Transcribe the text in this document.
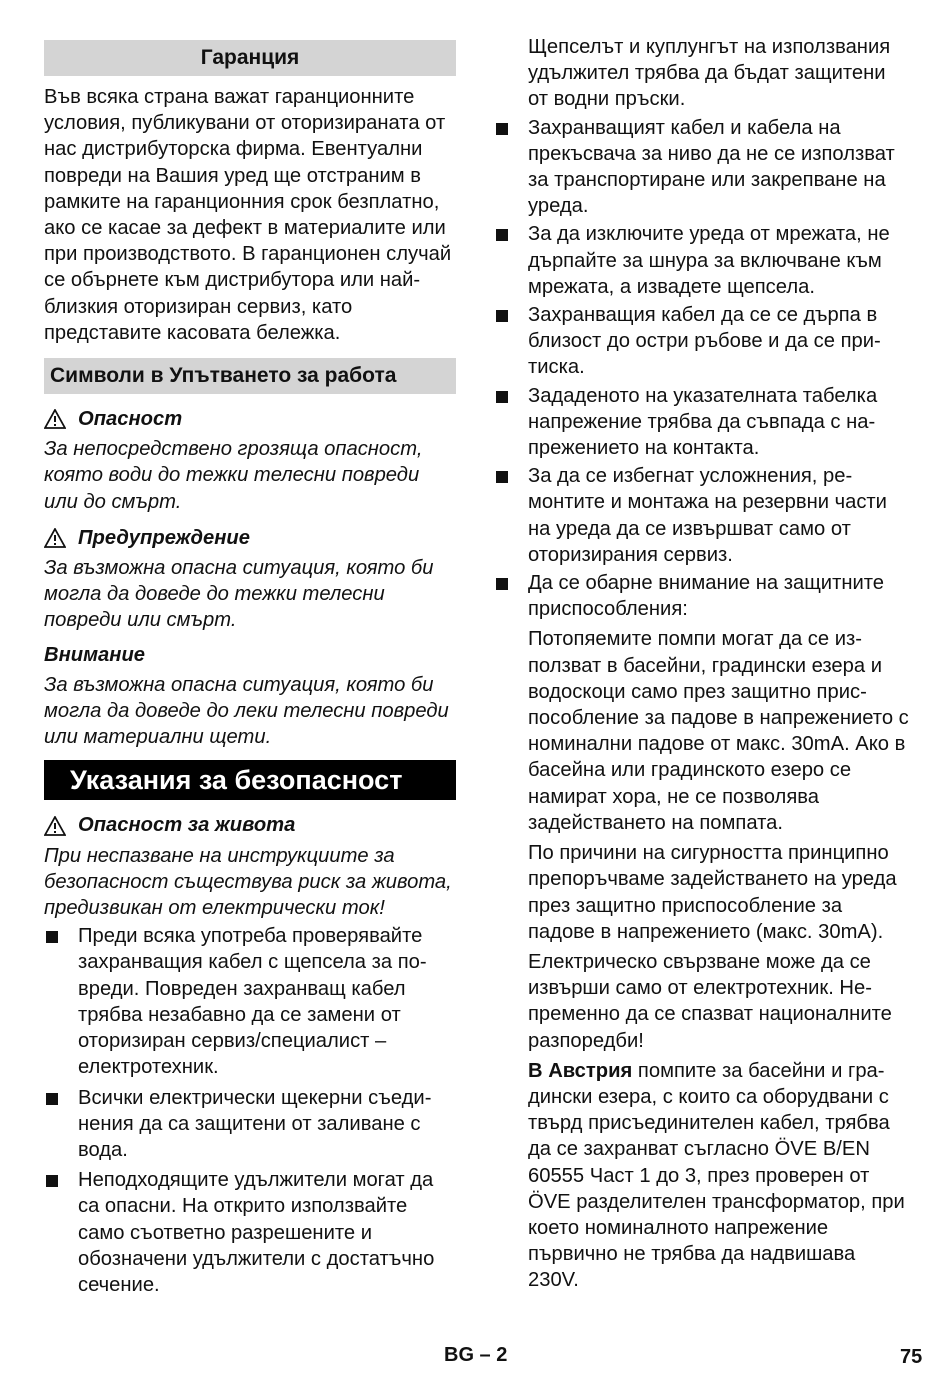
Гаранция

Във всяка страна важат гаранционните условия, публикувани от оторизираната от нас дистрибуторска фирма. Евентуални повреди на Вашия уред ще отстраним в рамките на гаранционния срок безплатно, ако се касае за дефект в материалите или при производството. В гаранционен случай се обърнете към дистрибутора или най-близкия оторизиран сервиз, като представите касовата бележка.

Символи в Упътването за работа
Опасност

За непосредствено грозяща опасност, която води до тежки телесни повреди или до смърт.

Предупреждение

За възможна опасна ситуация, която би могла да доведе до тежки телесни повреди или смърт.

Внимание

За възможна опасна ситуация, която би могла да доведе до леки телесни повреди или материални щети.

Указания за безопасност
Опасност за живота

При неспазване на инструкциите за безопасност съществува риск за живота, предизвикан от електрически ток!

Преди всяка употреба проверявайте захранващия кабел с щепсела за повреди. Повреден захранващ кабел трябва незабавно да се замени от оторизиран сервиз/специалист – електротехник.
Всички електрически щекерни съединения да са защитени от заливане с вода.
Неподходящите удължители могат да са опасни. На открито използвайте само съответно разрешените и обозначени удължители с достатъчно сечение.

Щепселът и куплунгът на използвания удължител трябва да бъдат защитени от водни пръски.

Захранващият кабел и кабела на прекъсвача за ниво да не се използват за транспортиране или закрепване на уреда.
За да изключите уреда от мрежата, не дърпайте за шнура за включване към мрежата, а извадете щепсела.
Захранващия кабел да се се дърпа в близост до остри ръбове и да се притиска.
Зададеното на указателната табелка напрежение трябва да съвпада с напрежението на контакта.
За да се избегнат усложнения, ремонтите и монтажа на резервни части на уреда да се извършват само от оторизирания сервиз.
Да се обарне внимание на защитните приспособления:

Потопяемите помпи могат да се използват в басейни, градински езера и водоскоци само през защитно приспособление за падове в напрежението с номинални падове от макс. 30mA. Ако в басейна или градинското езеро се намират хора, не се позволява задействането на помпата.

По причини на сигурността принципно препоръчваме задействането на уреда през защитно приспособление за падове в напрежението (макс. 30mA).

Електрическо свързване може да се извърши само от електротехник. Непременно да се спазват националните разпоредби!

В Австрия помпите за басейни и градински езера, с които са оборудвани с твърд присъединителен кабел, трябва да се захранват съгласно ÖVE B/EN 60555 Част 1 до 3, през проверен от ÖVE разделителен трансформатор, при което номиналното напрежение първично не трябва да надвишава 230V.

BG – 2	75
